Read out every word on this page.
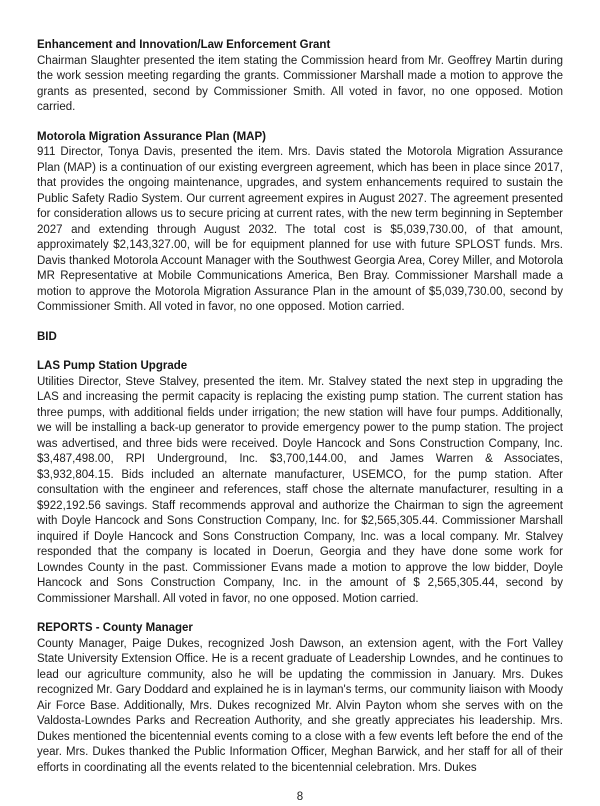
Enhancement and Innovation/Law Enforcement Grant

Chairman Slaughter presented the item stating the Commission heard from Mr. Geoffrey Martin during the work session meeting regarding the grants. Commissioner Marshall made a motion to approve the grants as presented, second by Commissioner Smith. All voted in favor, no one opposed. Motion carried.

Motorola Migration Assurance Plan (MAP)

911 Director, Tonya Davis, presented the item. Mrs. Davis stated the Motorola Migration Assurance Plan (MAP) is a continuation of our existing evergreen agreement, which has been in place since 2017, that provides the ongoing maintenance, upgrades, and system enhancements required to sustain the Public Safety Radio System. Our current agreement expires in August 2027. The agreement presented for consideration allows us to secure pricing at current rates, with the new term beginning in September 2027 and extending through August 2032. The total cost is $5,039,730.00, of that amount, approximately $2,143,327.00, will be for equipment planned for use with future SPLOST funds. Mrs. Davis thanked Motorola Account Manager with the Southwest Georgia Area, Corey Miller, and Motorola MR Representative at Mobile Communications America, Ben Bray. Commissioner Marshall made a motion to approve the Motorola Migration Assurance Plan in the amount of $5,039,730.00, second by Commissioner Smith. All voted in favor, no one opposed. Motion carried.

BID
LAS Pump Station Upgrade

Utilities Director, Steve Stalvey, presented the item. Mr. Stalvey stated the next step in upgrading the LAS and increasing the permit capacity is replacing the existing pump station. The current station has three pumps, with additional fields under irrigation; the new station will have four pumps. Additionally, we will be installing a back-up generator to provide emergency power to the pump station. The project was advertised, and three bids were received. Doyle Hancock and Sons Construction Company, Inc. $3,487,498.00, RPI Underground, Inc. $3,700,144.00, and James Warren & Associates, $3,932,804.15. Bids included an alternate manufacturer, USEMCO, for the pump station. After consultation with the engineer and references, staff chose the alternate manufacturer, resulting in a $922,192.56 savings. Staff recommends approval and authorize the Chairman to sign the agreement with Doyle Hancock and Sons Construction Company, Inc. for $2,565,305.44. Commissioner Marshall inquired if Doyle Hancock and Sons Construction Company, Inc. was a local company. Mr. Stalvey responded that the company is located in Doerun, Georgia and they have done some work for Lowndes County in the past. Commissioner Evans made a motion to approve the low bidder, Doyle Hancock and Sons Construction Company, Inc. in the amount of $ 2,565,305.44, second by Commissioner Marshall. All voted in favor, no one opposed. Motion carried.

REPORTS - County Manager

County Manager, Paige Dukes, recognized Josh Dawson, an extension agent, with the Fort Valley State University Extension Office. He is a recent graduate of Leadership Lowndes, and he continues to lead our agriculture community, also he will be updating the commission in January. Mrs. Dukes recognized Mr. Gary Doddard and explained he is in layman's terms, our community liaison with Moody Air Force Base. Additionally, Mrs. Dukes recognized Mr. Alvin Payton whom she serves with on the Valdosta-Lowndes Parks and Recreation Authority, and she greatly appreciates his leadership. Mrs. Dukes mentioned the bicentennial events coming to a close with a few events left before the end of the year. Mrs. Dukes thanked the Public Information Officer, Meghan Barwick, and her staff for all of their efforts in coordinating all the events related to the bicentennial celebration. Mrs. Dukes

8
